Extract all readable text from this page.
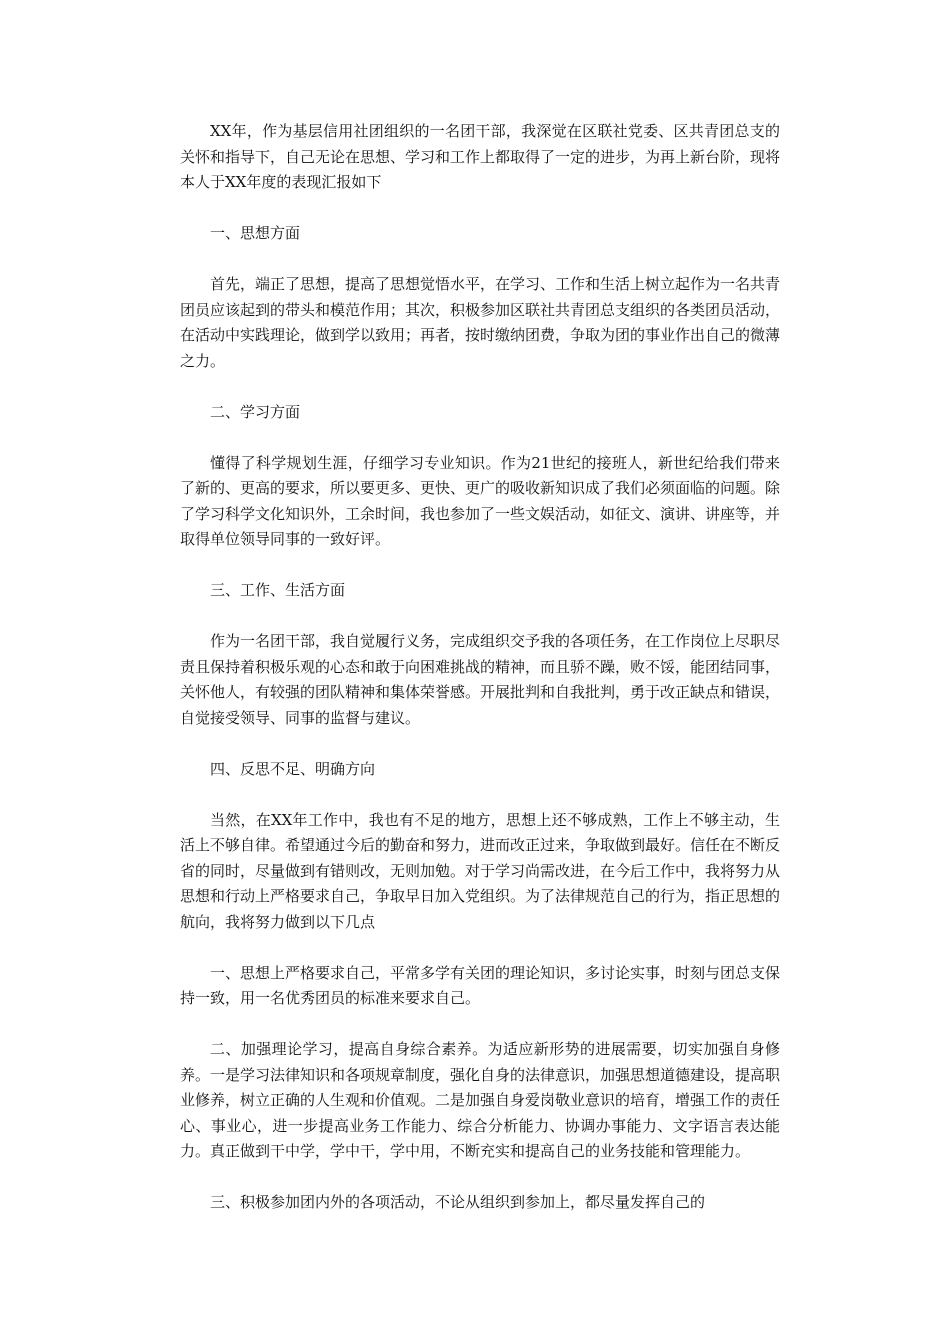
XX年，作为基层信用社团组织的一名团干部，我深觉在区联社党委、区共青团总支的关怀和指导下，自己无论在思想、学习和工作上都取得了一定的进步，为再上新台阶，现将本人于XX年度的表现汇报如下

一、思想方面

首先，端正了思想，提高了思想觉悟水平，在学习、工作和生活上树立起作为一名共青团员应该起到的带头和模范作用；其次，积极参加区联社共青团总支组织的各类团员活动，在活动中实践理论，做到学以致用；再者，按时缴纳团费，争取为团的事业作出自己的微薄之力。

二、学习方面

懂得了科学规划生涯，仔细学习专业知识。作为21世纪的接班人，新世纪给我们带来了新的、更高的要求，所以要更多、更快、更广的吸收新知识成了我们必须面临的问题。除了学习科学文化知识外，工余时间，我也参加了一些文娱活动，如征文、演讲、讲座等，并取得单位领导同事的一致好评。

三、工作、生活方面

作为一名团干部，我自觉履行义务，完成组织交予我的各项任务，在工作岗位上尽职尽责且保持着积极乐观的心态和敢于向困难挑战的精神，而且骄不躁，败不馁，能团结同事，关怀他人，有较强的团队精神和集体荣誉感。开展批判和自我批判，勇于改正缺点和错误，自觉接受领导、同事的监督与建议。

四、反思不足、明确方向

当然，在XX年工作中，我也有不足的地方，思想上还不够成熟，工作上不够主动，生活上不够自律。希望通过今后的勤奋和努力，进而改正过来，争取做到最好。信任在不断反省的同时，尽量做到有错则改，无则加勉。对于学习尚需改进，在今后工作中，我将努力从思想和行动上严格要求自己，争取早日加入党组织。为了法律规范自己的行为，指正思想的航向，我将努力做到以下几点

一、思想上严格要求自己，平常多学有关团的理论知识，多讨论实事，时刻与团总支保持一致，用一名优秀团员的标准来要求自己。

二、加强理论学习，提高自身综合素养。为适应新形势的进展需要，切实加强自身修养。一是学习法律知识和各项规章制度，强化自身的法律意识，加强思想道德建设，提高职业修养，树立正确的人生观和价值观。二是加强自身爱岗敬业意识的培育，增强工作的责任心、事业心，进一步提高业务工作能力、综合分析能力、协调办事能力、文字语言表达能力。真正做到干中学，学中干，学中用，不断充实和提高自己的业务技能和管理能力。

三、积极参加团内外的各项活动，不论从组织到参加上，都尽量发挥自己的
